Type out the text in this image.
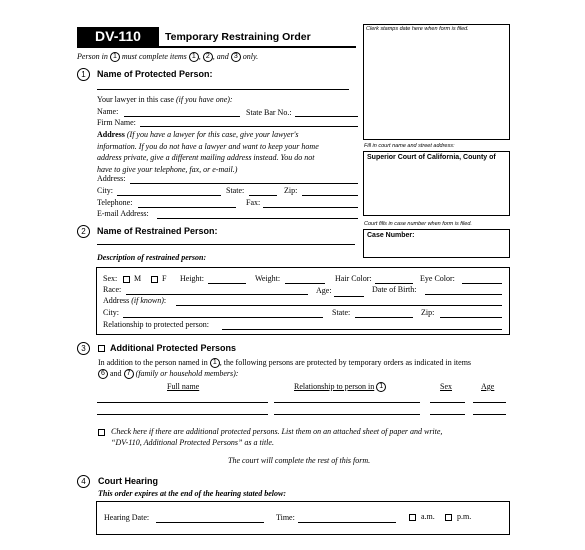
DV-110	Temporary Restraining Order
Person in 1 must complete items 1 , 2 , and 3 only.
Clerk stamps date here when form is filed.
Fill in court name and street address:
Superior Court of California, County of
Court fills in case number when form is filed.
Case Number:
1	Name of Protected Person:
Your lawyer in this case (if you have one):
Name:	State Bar No.:
Firm Name:
Address (If you have a lawyer for this case, give your lawyer's
information. If you do not have a lawyer and want to keep your home
address private, give a different mailing address instead. You do not
have to give your telephone, fax, or e-mail.)
Address:
City:	State:	Zip:
Telephone:	Fax:
E-mail Address:
2	Name of Restrained Person:
Description of restrained person:
Sex: M	F Height:	Weight:	Hair Color:	Eye Color:
Race:	Age:	Date of Birth:
Address (if known):
City:	State:	Zip:
Relationship to protected person:
3	Additional Protected Persons
In addition to the person named in 1 , the following persons are protected by temporary orders as indicated in items
6 and 7 (family or household members):
Full name	Relationship to person in 1	Sex	Age
Check here if there are additional protected persons. List them on an attached sheet of paper and write,
“DV-110, Additional Protected Persons” as a title.
The court will complete the rest of this form.
4	Court Hearing
This order expires at the end of the hearing stated below:
Hearing Date:	Time:	a.m.	p.m.
